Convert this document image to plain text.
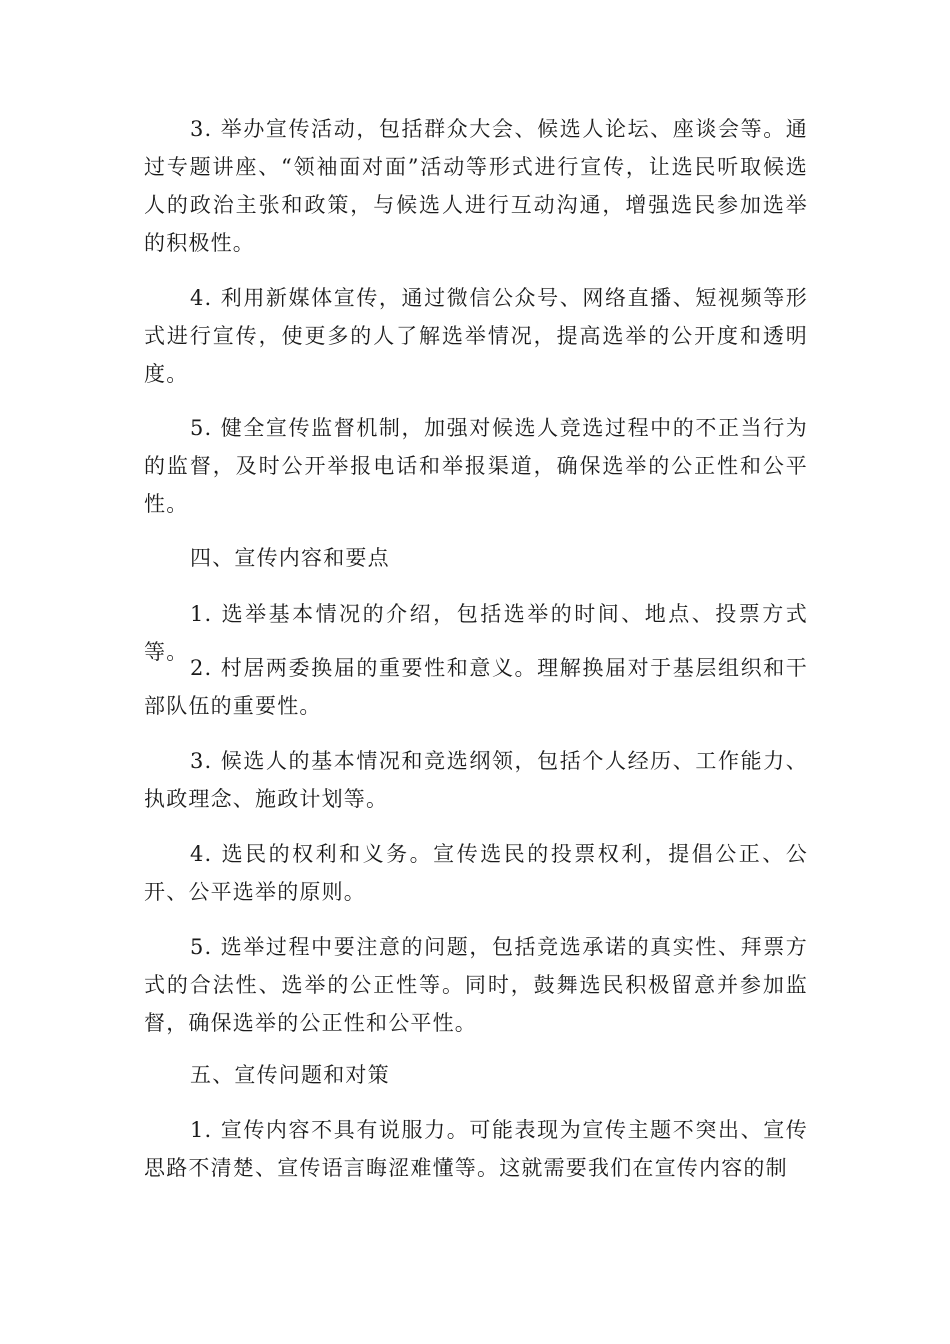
3. 举办宣传活动，包括群众大会、候选人论坛、座谈会等。通过专题讲座、“领袖面对面”活动等形式进行宣传，让选民听取候选人的政治主张和政策，与候选人进行互动沟通，增强选民参加选举的积极性。

4. 利用新媒体宣传，通过微信公众号、网络直播、短视频等形式进行宣传，使更多的人了解选举情况，提高选举的公开度和透明度。

5. 健全宣传监督机制，加强对候选人竞选过程中的不正当行为的监督，及时公开举报电话和举报渠道，确保选举的公正性和公平性。

四、宣传内容和要点

1. 选举基本情况的介绍，包括选举的时间、地点、投票方式等。

2. 村居两委换届的重要性和意义。理解换届对于基层组织和干部队伍的重要性。

3. 候选人的基本情况和竞选纲领，包括个人经历、工作能力、执政理念、施政计划等。

4. 选民的权利和义务。宣传选民的投票权利，提倡公正、公开、公平选举的原则。

5. 选举过程中要注意的问题，包括竞选承诺的真实性、拜票方式的合法性、选举的公正性等。同时，鼓舞选民积极留意并参加监督，确保选举的公正性和公平性。

五、宣传问题和对策

1. 宣传内容不具有说服力。可能表现为宣传主题不突出、宣传思路不清楚、宣传语言晦涩难懂等。这就需要我们在宣传内容的制
